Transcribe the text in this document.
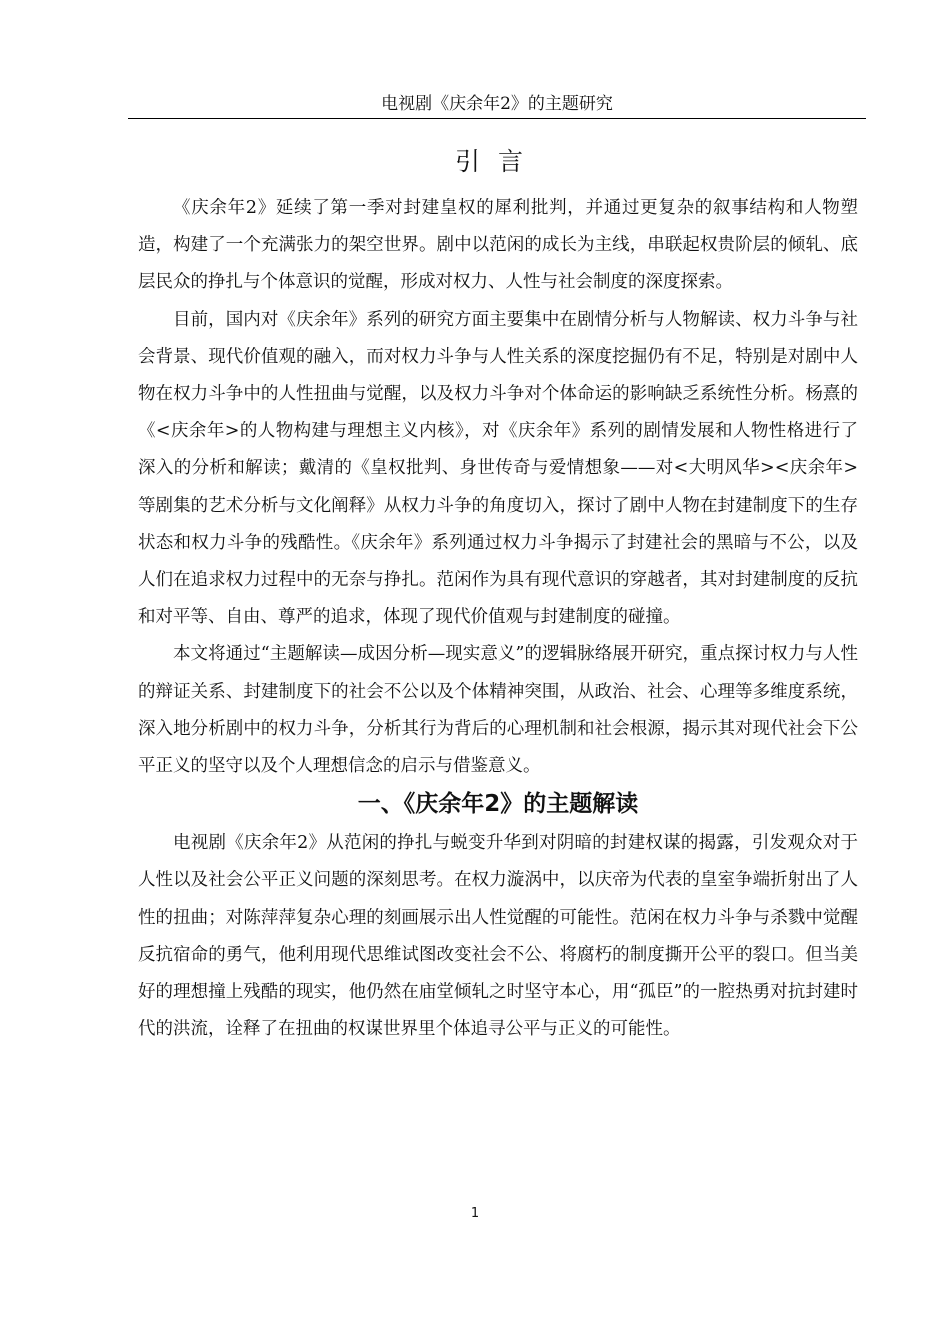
电视剧《庆余年2》的主题研究
引言

《庆余年2》延续了第一季对封建皇权的犀利批判，并通过更复杂的叙事结构和人物塑造，构建了一个充满张力的架空世界。剧中以范闲的成长为主线，串联起权贵阶层的倾轧、底层民众的挣扎与个体意识的觉醒，形成对权力、人性与社会制度的深度探索。

目前，国内对《庆余年》系列的研究方面主要集中在剧情分析与人物解读、权力斗争与社会背景、现代价值观的融入，而对权力斗争与人性关系的深度挖掘仍有不足，特别是对剧中人物在权力斗争中的人性扭曲与觉醒，以及权力斗争对个体命运的影响缺乏系统性分析。杨熹的《<庆余年>的人物构建与理想主义内核》，对《庆余年》系列的剧情发展和人物性格进行了深入的分析和解读；戴清的《皇权批判、身世传奇与爱情想象——对<大明风华><庆余年>等剧集的艺术分析与文化阐释》从权力斗争的角度切入，探讨了剧中人物在封建制度下的生存状态和权力斗争的残酷性。《庆余年》系列通过权力斗争揭示了封建社会的黑暗与不公，以及人们在追求权力过程中的无奈与挣扎。范闲作为具有现代意识的穿越者，其对封建制度的反抗和对平等、自由、尊严的追求，体现了现代价值观与封建制度的碰撞。

本文将通过“主题解读—成因分析—现实意义”的逻辑脉络展开研究，重点探讨权力与人性的辩证关系、封建制度下的社会不公以及个体精神突围，从政治、社会、心理等多维度系统，深入地分析剧中的权力斗争，分析其行为背后的心理机制和社会根源，揭示其对现代社会下公平正义的坚守以及个人理想信念的启示与借鉴意义。

一、《庆余年2》的主题解读

电视剧《庆余年2》从范闲的挣扎与蜕变升华到对阴暗的封建权谋的揭露，引发观众对于人性以及社会公平正义问题的深刻思考。在权力漩涡中，以庆帝为代表的皇室争端折射出了人性的扭曲；对陈萍萍复杂心理的刻画展示出人性觉醒的可能性。范闲在权力斗争与杀戮中觉醒反抗宿命的勇气，他利用现代思维试图改变社会不公、将腐朽的制度撕开公平的裂口。但当美好的理想撞上残酷的现实，他仍然在庙堂倾轧之时坚守本心，用“孤臣”的一腔热勇对抗封建时代的洪流，诠释了在扭曲的权谋世界里个体追寻公平与正义的可能性。

1
